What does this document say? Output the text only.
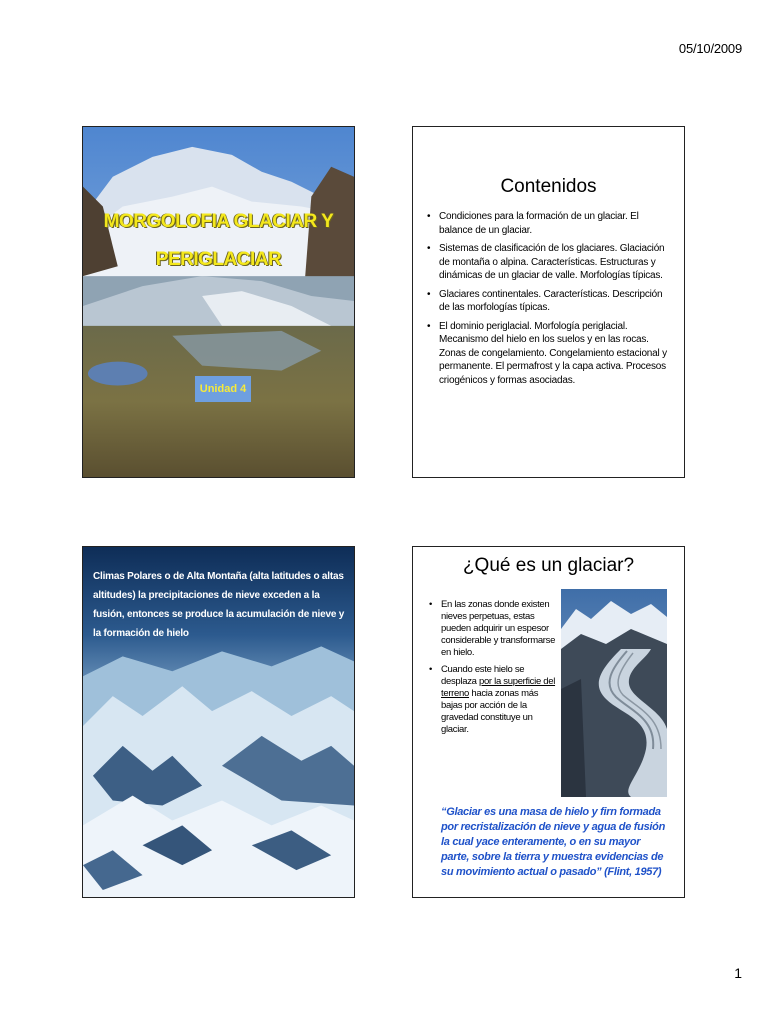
05/10/2009
MORGOLOFIA GLACIAR Y PERIGLACIAR
Unidad 4
Contenidos
• Condiciones para la formación de un glaciar. El balance de un glaciar.
• Sistemas de clasificación de los glaciares. Glaciación de montaña o alpina. Características. Estructuras y dinámicas de un glaciar de valle. Morfologías típicas.
• Glaciares continentales. Características. Descripción de las morfologías típicas.
• El dominio periglacial. Morfología periglacial. Mecanismo del hielo en los suelos y en las rocas. Zonas de congelamiento. Congelamiento estacional y permanente. El permafrost y la capa activa. Procesos criogénicos y formas asociadas.
Climas Polares o de Alta Montaña (alta latitudes o altas altitudes) la precipitaciones de nieve exceden a la fusión, entonces se produce la acumulación de nieve y la formación de hielo
¿Qué es un glaciar?
• En las zonas donde existen nieves perpetuas, estas pueden adquirir un espesor considerable y transformarse en hielo.
• Cuando este hielo se desplaza por la superficie del terreno hacia zonas más bajas por acción de la gravedad constituye un glaciar.
“Glaciar es una masa de hielo y firn formada por recristalización de nieve y agua de fusión la cual yace enteramente, o en su mayor parte, sobre la tierra y muestra evidencias de su movimiento actual o pasado” (Flint, 1957)
1
